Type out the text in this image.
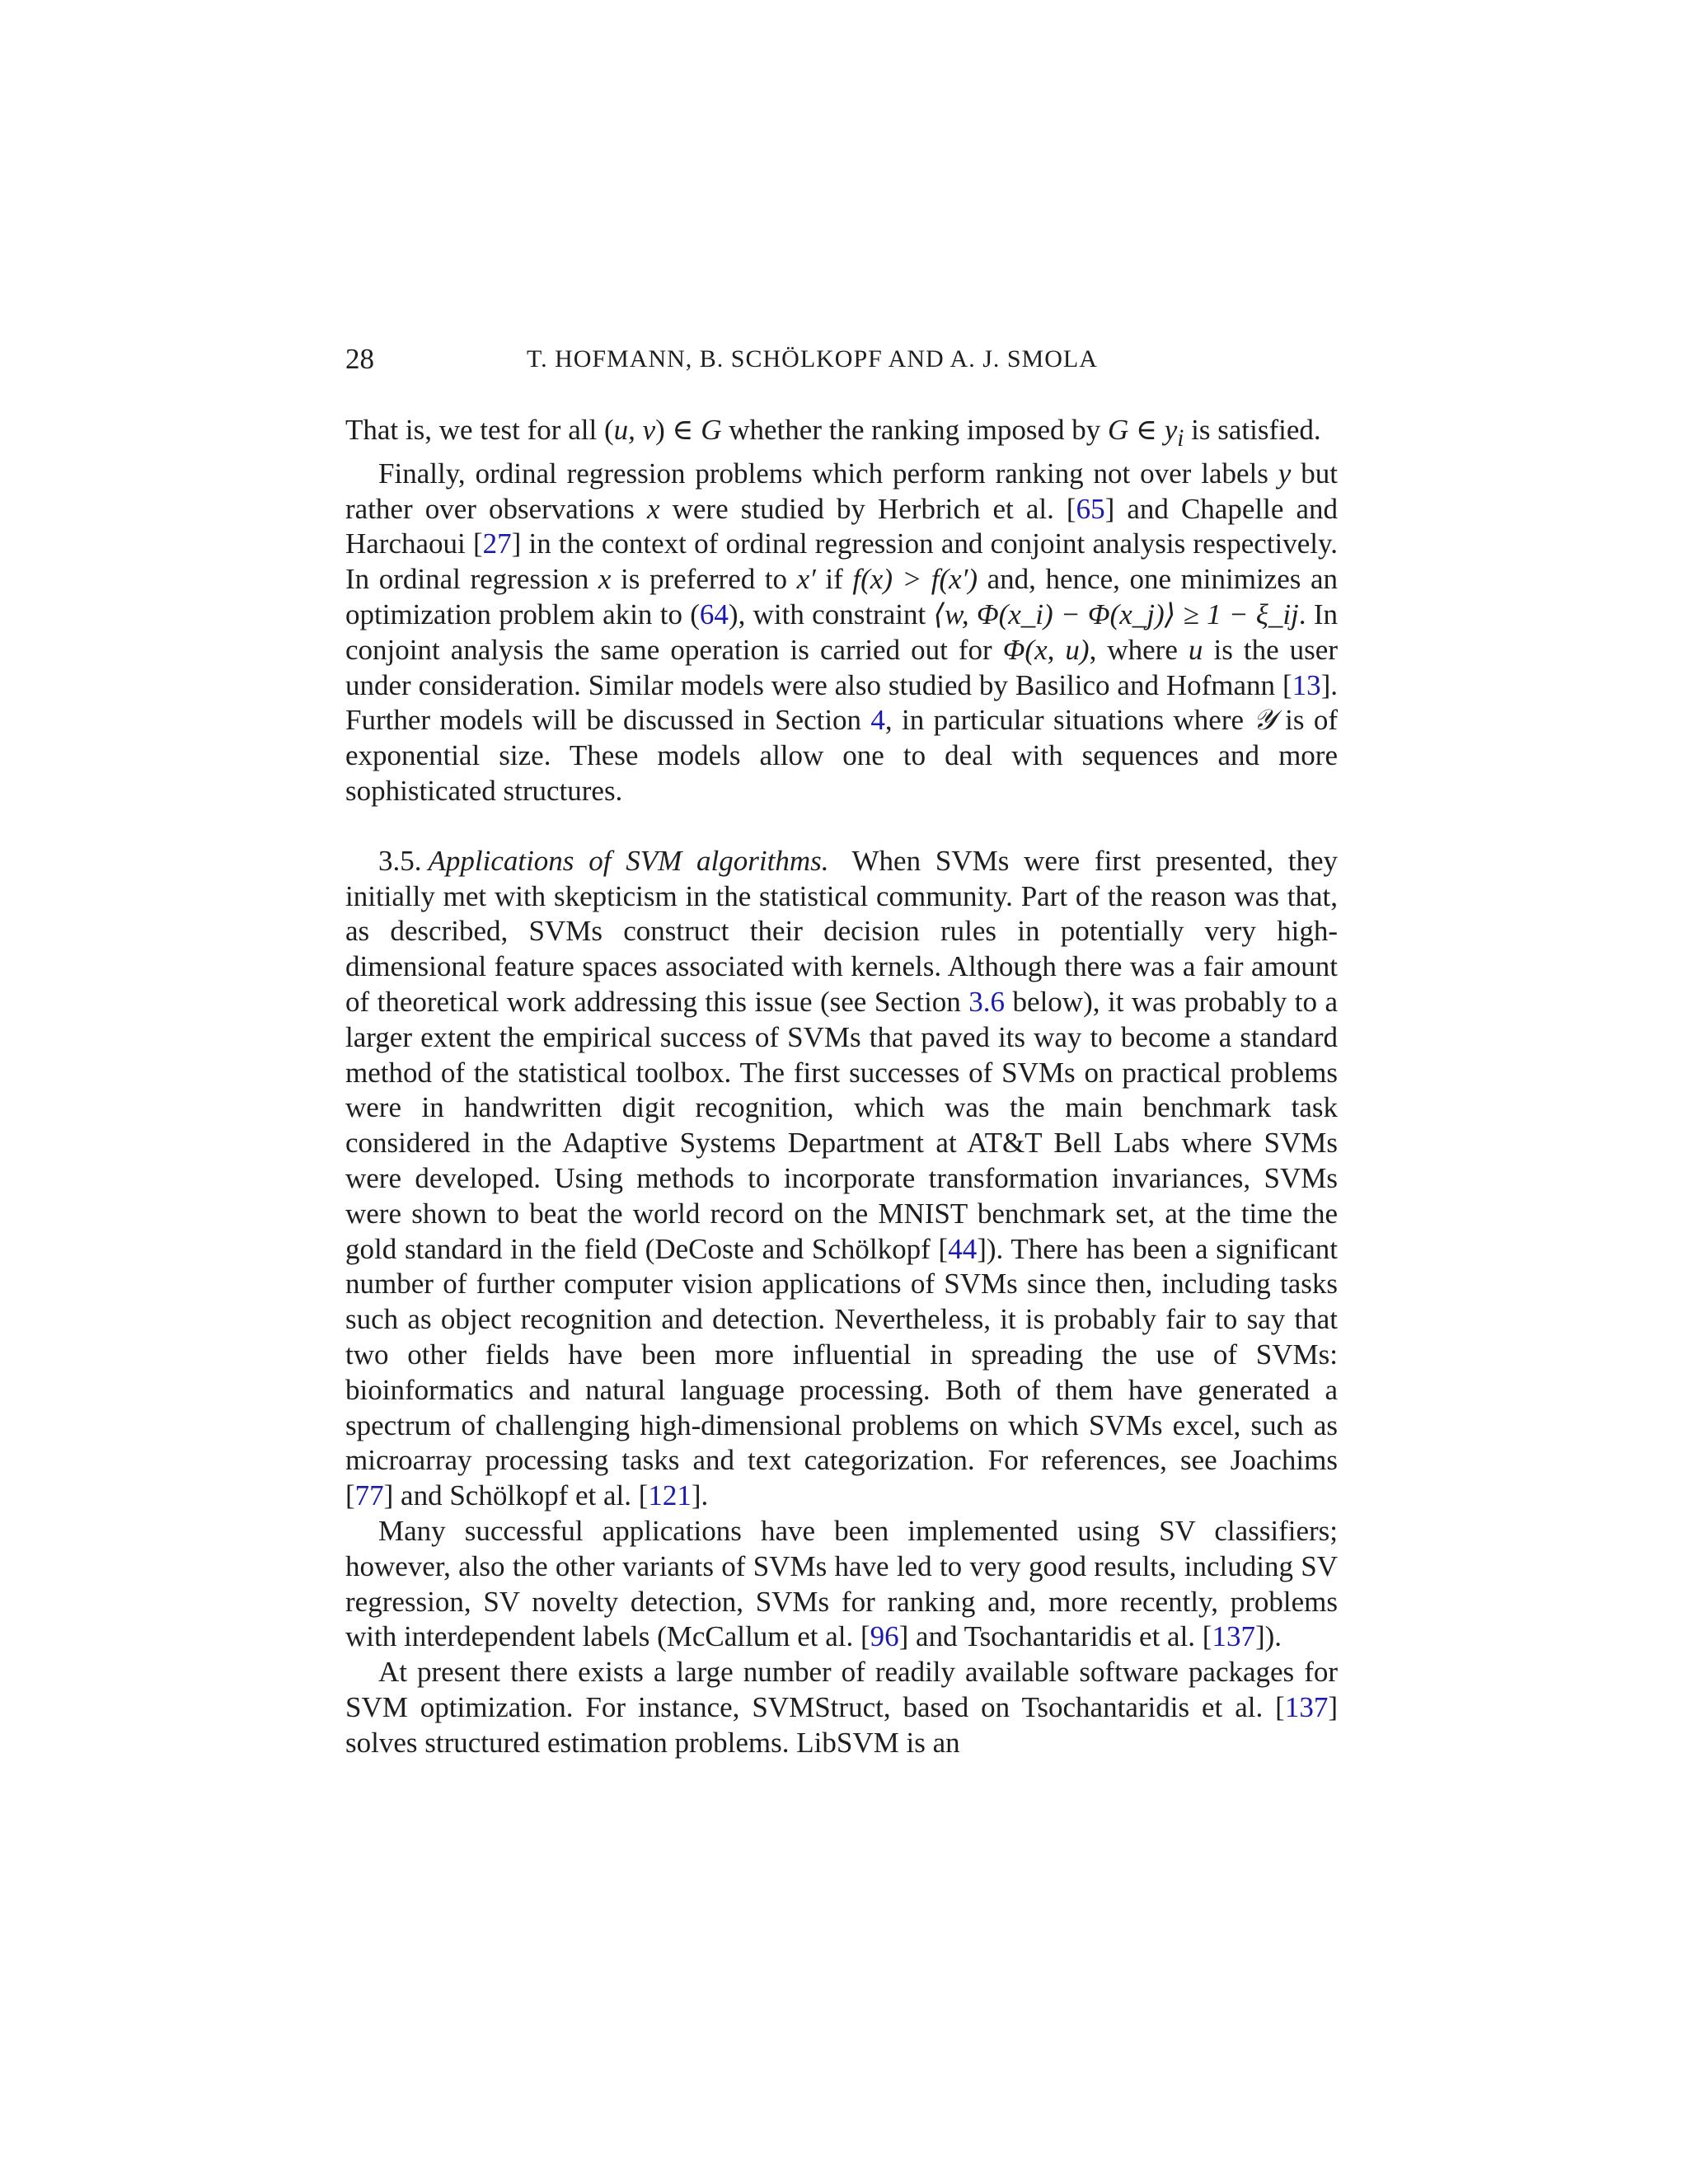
28	T. HOFMANN, B. SCHÖLKOPF AND A. J. SMOLA

That is, we test for all (u, v) ∈ G whether the ranking imposed by G ∈ $y_i$ is satisfied.

Finally, ordinal regression problems which perform ranking not over labels y but rather over observations x were studied by Herbrich et al. [65] and Chapelle and Harchaoui [27] in the context of ordinal regression and conjoint analysis respectively. In ordinal regression x is preferred to x′ if f(x) > f(x′) and, hence, one minimizes an optimization problem akin to (64), with constraint ⟨w, Φ(x_i) − Φ(x_j)⟩ ≥ 1 − ξ_ij. In conjoint analysis the same operation is carried out for Φ(x, u), where u is the user under consideration. Similar models were also studied by Basilico and Hofmann [13]. Further models will be discussed in Section 4, in particular situations where 𝒴 is of exponential size. These models allow one to deal with sequences and more sophisticated structures.

3.5. Applications of SVM algorithms. When SVMs were first presented, they initially met with skepticism in the statistical community. Part of the reason was that, as described, SVMs construct their decision rules in potentially very high-dimensional feature spaces associated with kernels. Although there was a fair amount of theoretical work addressing this issue (see Section 3.6 below), it was probably to a larger extent the empirical success of SVMs that paved its way to become a standard method of the statistical toolbox. The first successes of SVMs on practical problems were in handwritten digit recognition, which was the main benchmark task considered in the Adaptive Systems Department at AT&T Bell Labs where SVMs were developed. Using methods to incorporate transformation invariances, SVMs were shown to beat the world record on the MNIST benchmark set, at the time the gold standard in the field (DeCoste and Schölkopf [44]). There has been a significant number of further computer vision applications of SVMs since then, including tasks such as object recognition and detection. Nevertheless, it is probably fair to say that two other fields have been more influential in spreading the use of SVMs: bioinformatics and natural language processing. Both of them have generated a spectrum of challenging high-dimensional problems on which SVMs excel, such as microarray processing tasks and text categorization. For references, see Joachims [77] and Schölkopf et al. [121].

Many successful applications have been implemented using SV classifiers; however, also the other variants of SVMs have led to very good results, including SV regression, SV novelty detection, SVMs for ranking and, more recently, problems with interdependent labels (McCallum et al. [96] and Tsochantaridis et al. [137]).

At present there exists a large number of readily available software packages for SVM optimization. For instance, SVMStruct, based on Tsochantaridis et al. [137] solves structured estimation problems. LibSVM is an
